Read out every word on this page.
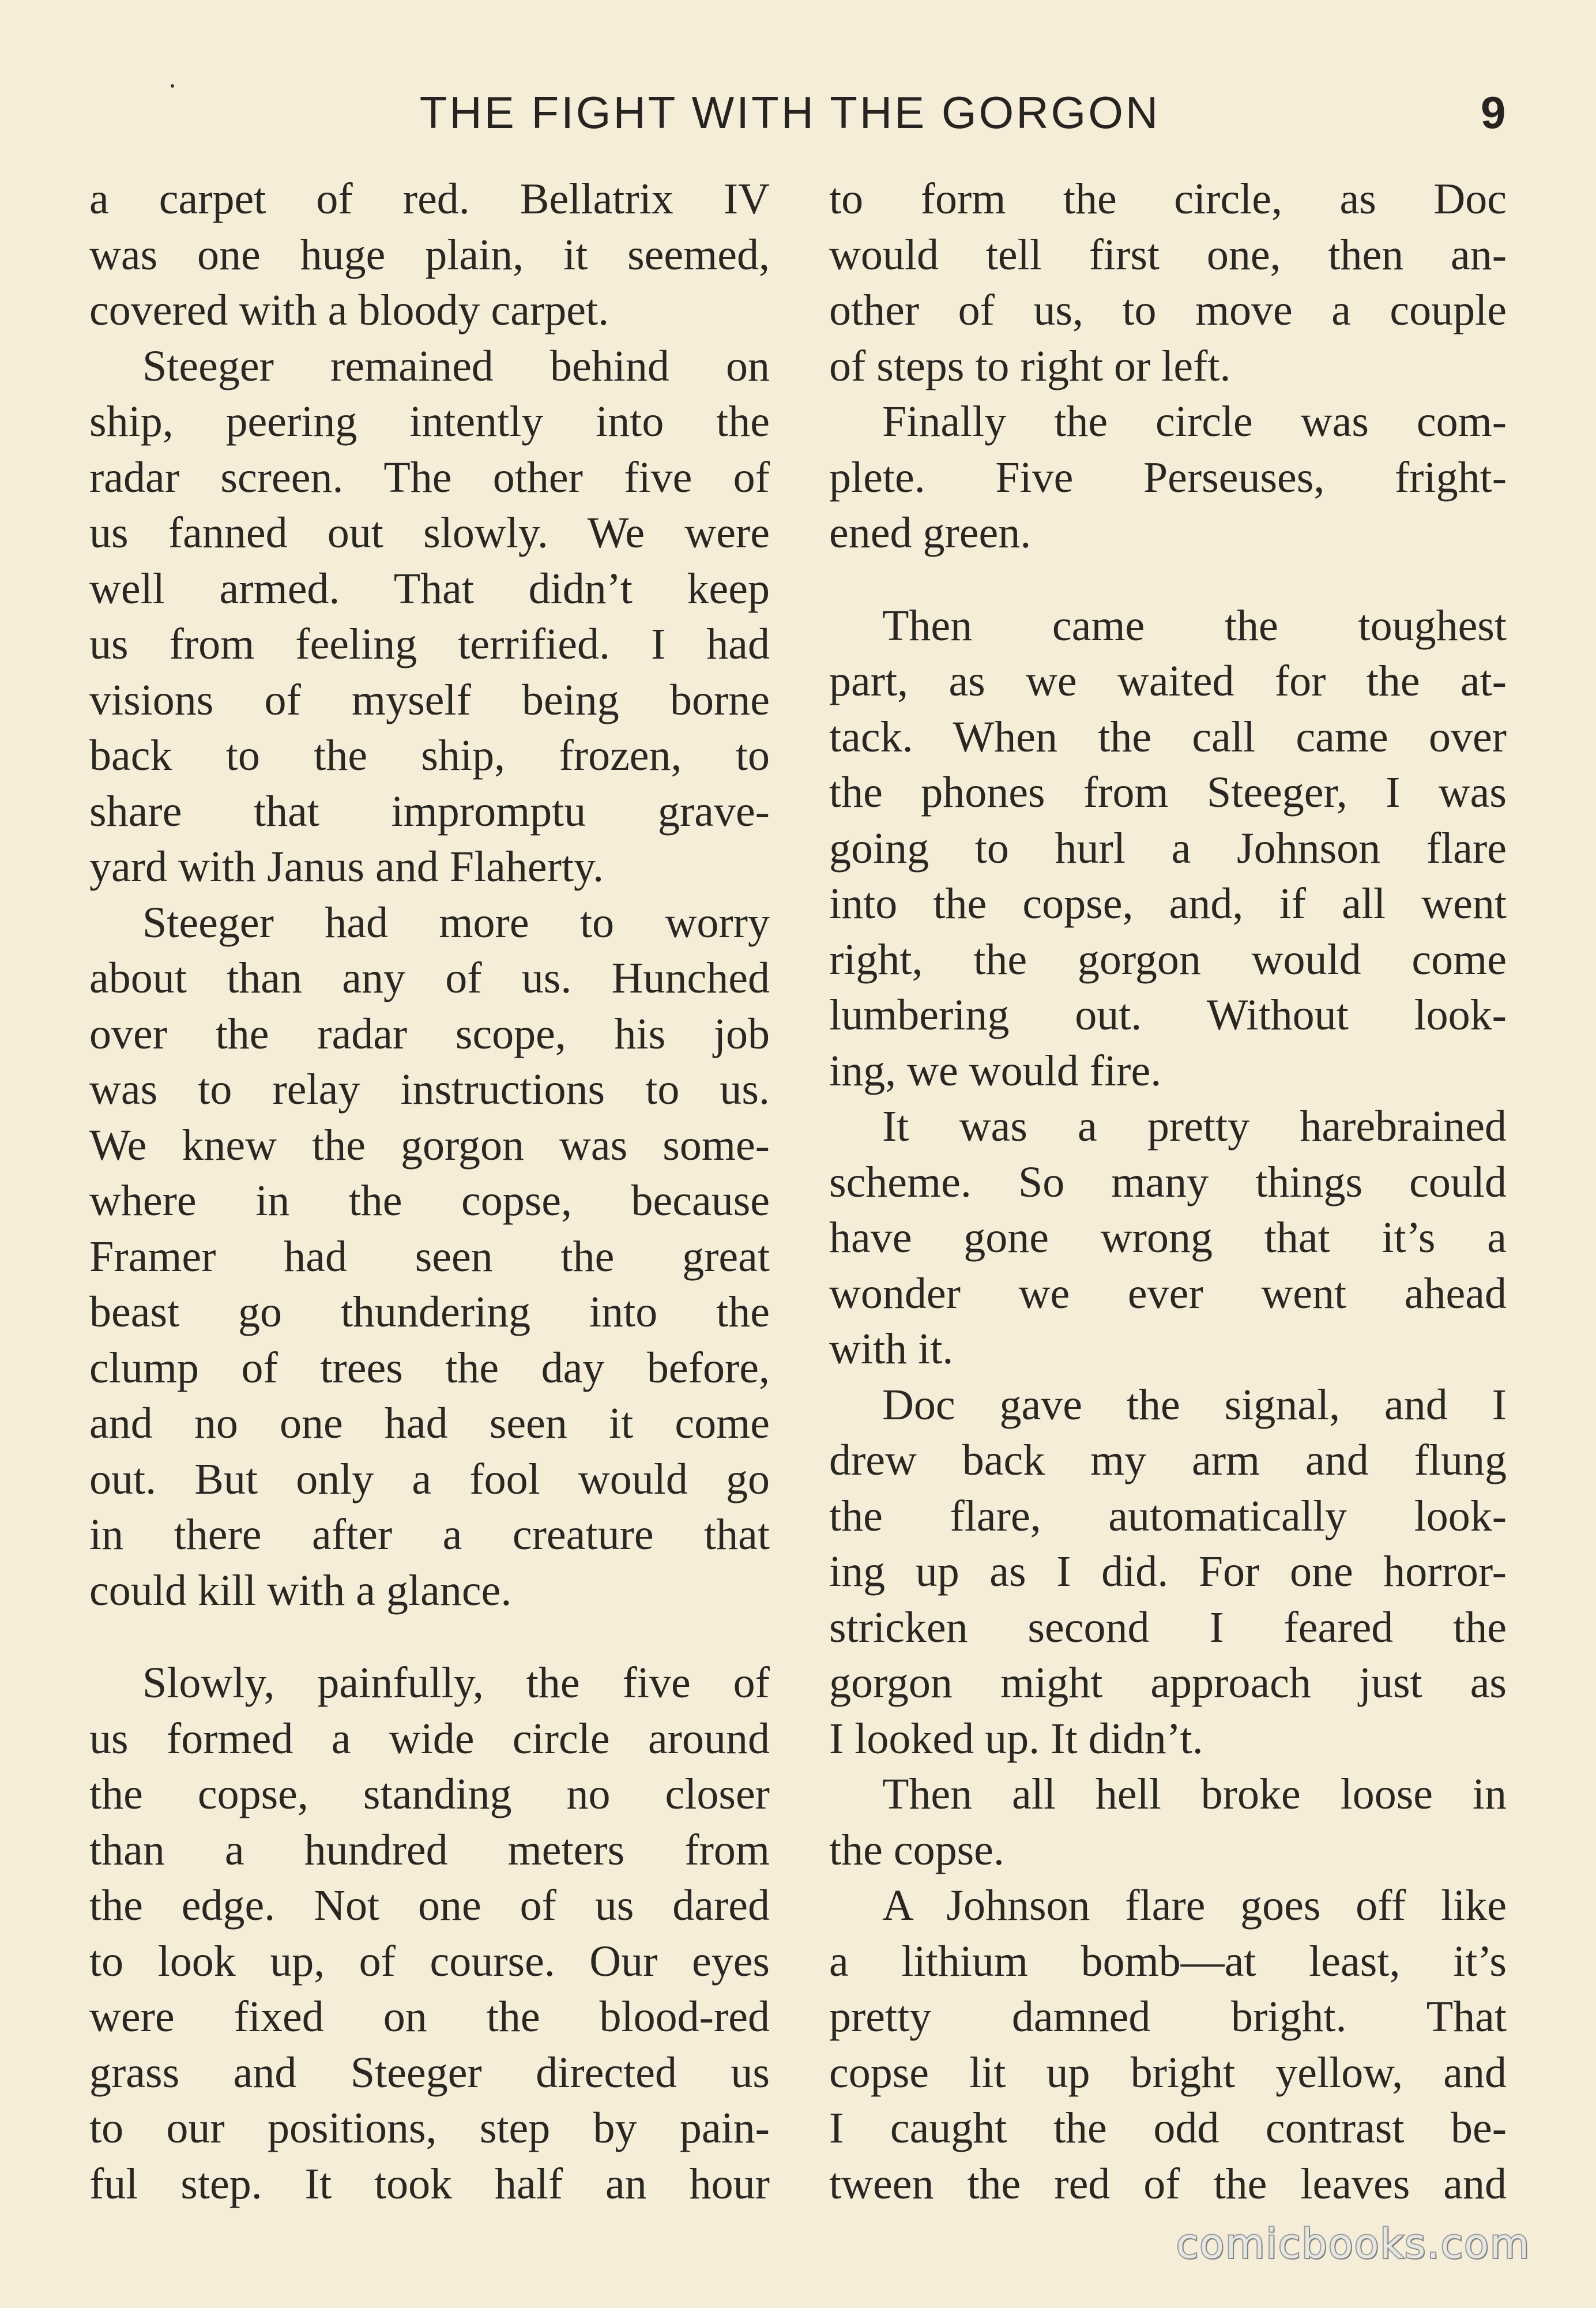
THE FIGHT WITH THE GORGON	9
a carpet of red. Bellatrix IV
was one huge plain, it seemed,
covered with a bloody carpet.
Steeger remained behind on
ship, peering intently into the
radar screen. The other five of
us fanned out slowly. We were
well armed. That didn’t keep
us from feeling terrified. I had
visions of myself being borne
back to the ship, frozen, to
share that impromptu grave-
yard with Janus and Flaherty.
Steeger had more to worry
about than any of us. Hunched
over the radar scope, his job
was to relay instructions to us.
We knew the gorgon was some-
where in the copse, because
Framer had seen the great
beast go thundering into the
clump of trees the day before,
and no one had seen it come
out. But only a fool would go
in there after a creature that
could kill with a glance.
Slowly, painfully, the five of
us formed a wide circle around
the copse, standing no closer
than a hundred meters from
the edge. Not one of us dared
to look up, of course. Our eyes
were fixed on the blood-red
grass and Steeger directed us
to our positions, step by pain-
ful step. It took half an hour
to form the circle, as Doc
would tell first one, then an-
other of us, to move a couple
of steps to right or left.
Finally the circle was com-
plete. Five Perseuses, fright-
ened green.
Then came the toughest
part, as we waited for the at-
tack. When the call came over
the phones from Steeger, I was
going to hurl a Johnson flare
into the copse, and, if all went
right, the gorgon would come
lumbering out. Without look-
ing, we would fire.
It was a pretty harebrained
scheme. So many things could
have gone wrong that it’s a
wonder we ever went ahead
with it.
Doc gave the signal, and I
drew back my arm and flung
the flare, automatically look-
ing up as I did. For one horror-
stricken second I feared the
gorgon might approach just as
I looked up. It didn’t.
Then all hell broke loose in
the copse.
A Johnson flare goes off like
a lithium bomb—at least, it’s
pretty damned bright. That
copse lit up bright yellow, and
I caught the odd contrast be-
tween the red of the leaves and
comicbooks.com
